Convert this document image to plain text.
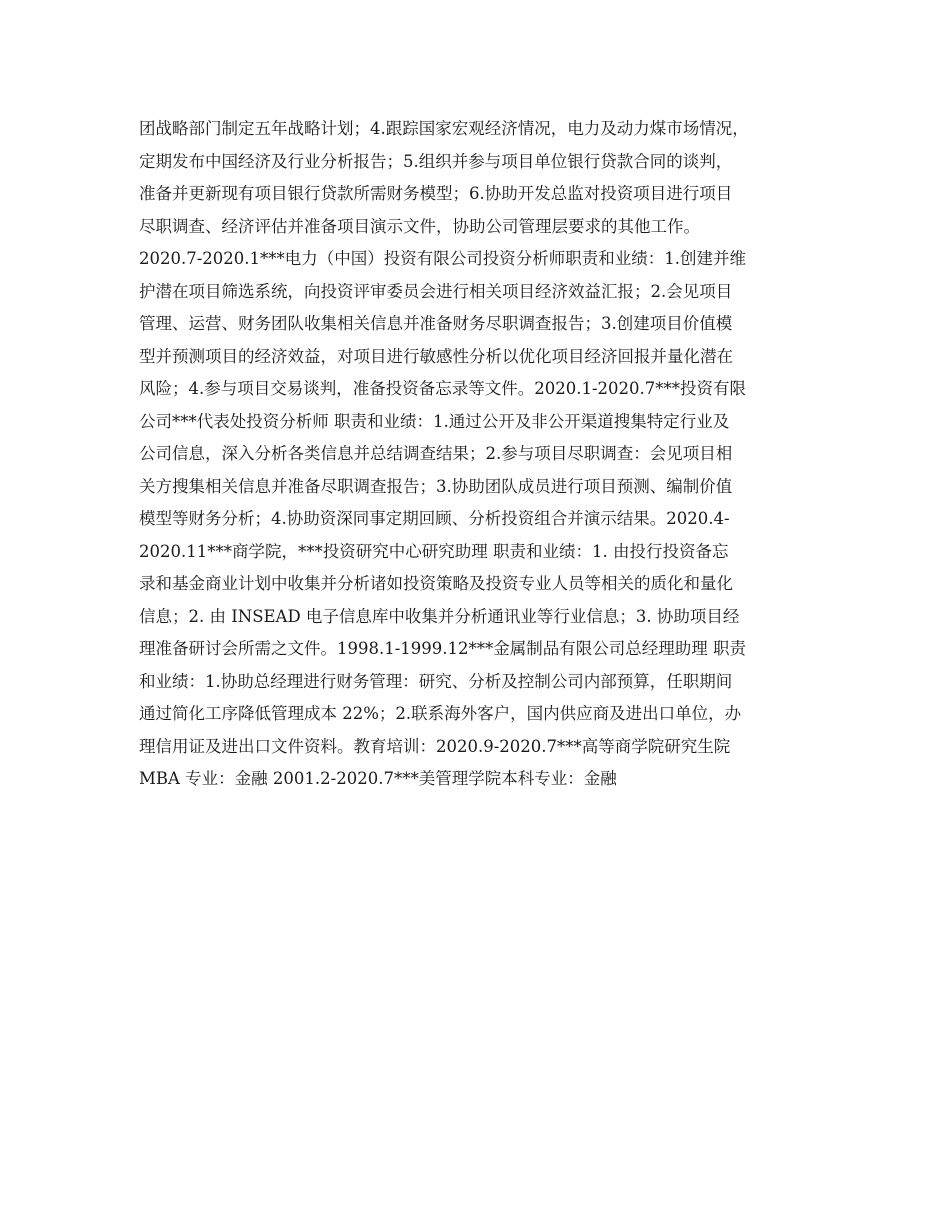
团战略部门制定五年战略计划；4.跟踪国家宏观经济情况，电力及动力煤市场情况，
定期发布中国经济及行业分析报告；5.组织并参与项目单位银行贷款合同的谈判，
准备并更新现有项目银行贷款所需财务模型；6.协助开发总监对投资项目进行项目
尽职调查、经济评估并准备项目演示文件，协助公司管理层要求的其他工作。
2020.7-2020.1***电力（中国）投资有限公司投资分析师职责和业绩：1.创建并维
护潜在项目筛选系统，向投资评审委员会进行相关项目经济效益汇报；2.会见项目
管理、运营、财务团队收集相关信息并准备财务尽职调查报告；3.创建项目价值模
型并预测项目的经济效益，对项目进行敏感性分析以优化项目经济回报并量化潜在
风险；4.参与项目交易谈判，准备投资备忘录等文件。2020.1-2020.7***投资有限
公司***代表处投资分析师 职责和业绩：1.通过公开及非公开渠道搜集特定行业及
公司信息，深入分析各类信息并总结调查结果；2.参与项目尽职调查：会见项目相
关方搜集相关信息并准备尽职调查报告；3.协助团队成员进行项目预测、编制价值
模型等财务分析；4.协助资深同事定期回顾、分析投资组合并演示结果。2020.4-
2020.11***商学院，***投资研究中心研究助理 职责和业绩：1. 由投行投资备忘
录和基金商业计划中收集并分析诸如投资策略及投资专业人员等相关的质化和量化
信息；2. 由 INSEAD 电子信息库中收集并分析通讯业等行业信息；3. 协助项目经
理准备研讨会所需之文件。1998.1-1999.12***金属制品有限公司总经理助理 职责
和业绩：1.协助总经理进行财务管理：研究、分析及控制公司内部预算，任职期间
通过简化工序降低管理成本 22%；2.联系海外客户，国内供应商及进出口单位，办
理信用证及进出口文件资料。教育培训：2020.9-2020.7***高等商学院研究生院
MBA 专业：金融 2001.2-2020.7***美管理学院本科专业：金融
